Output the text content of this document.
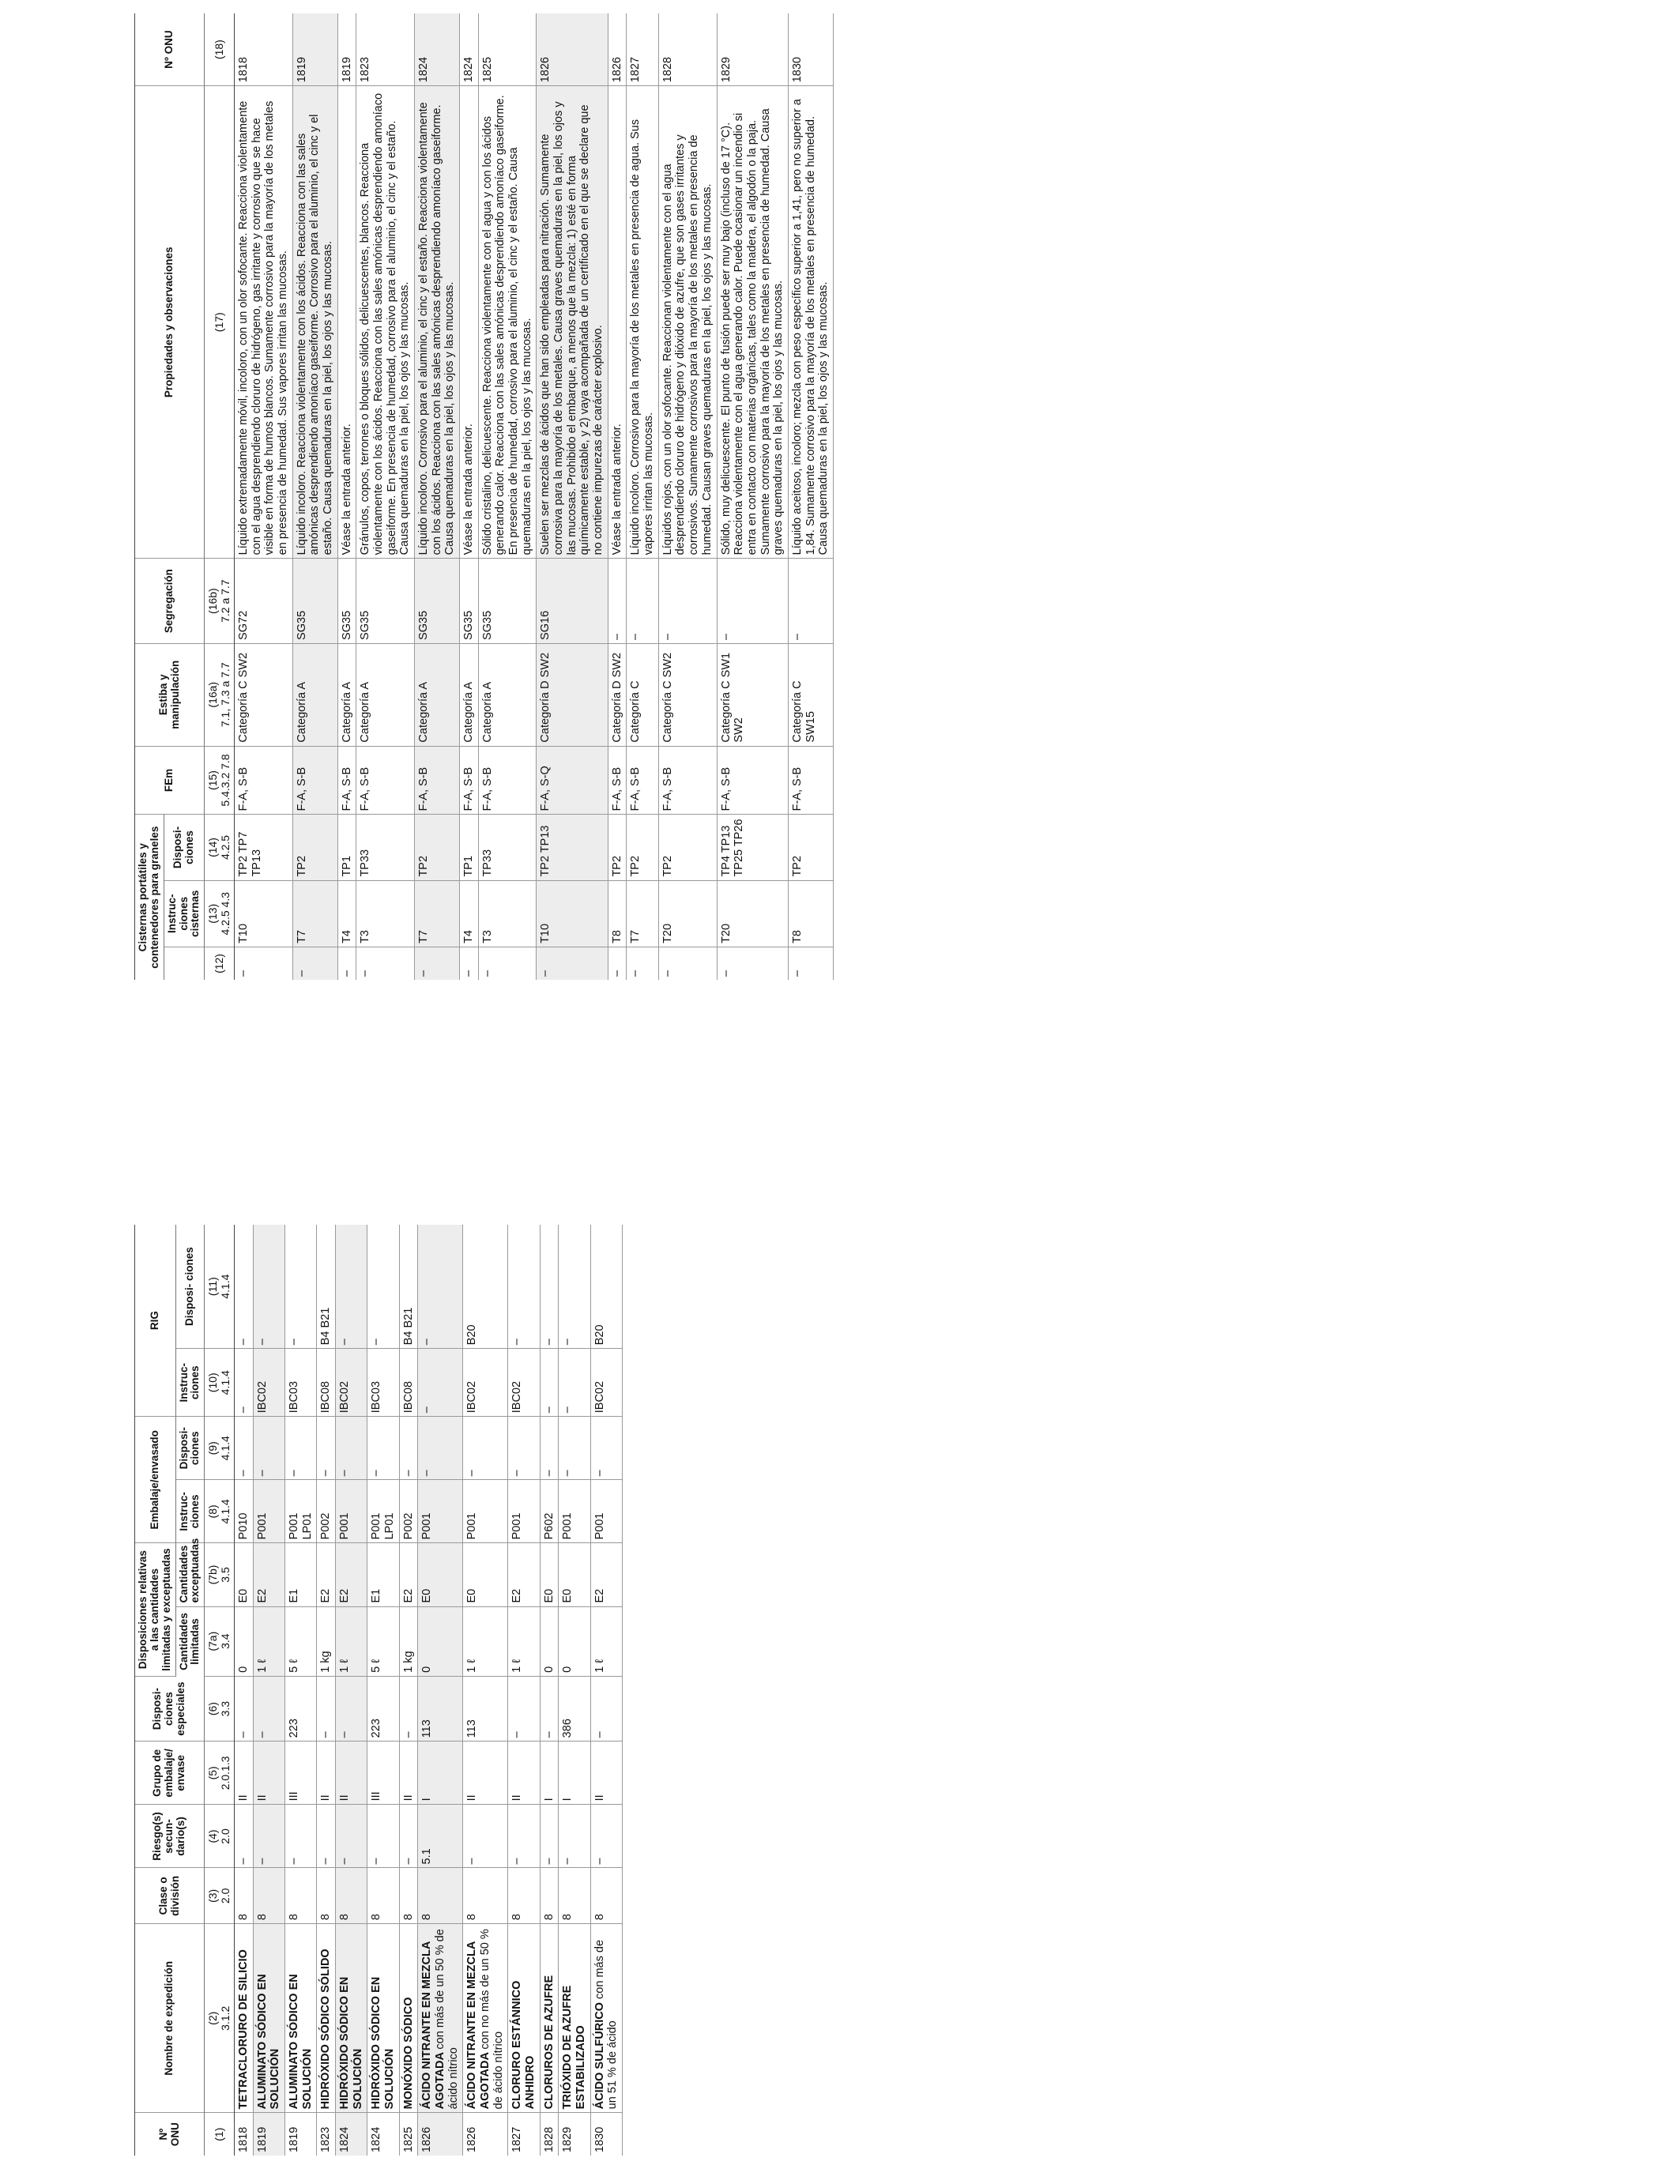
Nº ONU	Nombre de expedición	Clase o división	Riesgo(s) secun- dario(s)	Grupo de embalaje/ envase	Disposi- ciones especiales	Disposiciones relativas a las cantidades limitadas y exceptuadas		Embalaje/envasado		RIG	
						Cantidades limitadas	Cantidades exceptuadas	Instruc- ciones	Disposi- ciones	Instruc- ciones	Disposi- ciones

(1)	(2) 3.1.2	(3) 2.0	(4) 2.0	(5) 2.0.1.3	(6) 3.3	(7a) 3.4	(7b) 3.5	(8) 4.1.4	(9) 4.1.4	(10) 4.1.4	(11) 4.1.4

1818	TETRACLORURO DE SILICIO	8	–	II	–	0	E0	P010	–	–	–
1819	ALUMINATO SÓDICO EN SOLUCIÓN	8	–	II	–	1 ℓ	E2	P001	–	IBC02	–
1819	ALUMINATO SÓDICO EN SOLUCIÓN	8	–	III	223	5 ℓ	E1	P001 LP01	–	IBC03	–
1823	HIDRÓXIDO SÓDICO SÓLIDO	8	–	II	–	1 kg	E2	P002	–	IBC08	B4 B21
1824	HIDRÓXIDO SÓDICO EN SOLUCIÓN	8	–	II	–	1 ℓ	E2	P001	–	IBC02	–
1824	HIDRÓXIDO SÓDICO EN SOLUCIÓN	8	–	III	223	5 ℓ	E1	P001 LP01	–	IBC03	–
1825	MONÓXIDO SÓDICO	8	–	II	–	1 kg	E2	P002	–	IBC08	B4 B21
1826	ÁCIDO NITRANTE EN MEZCLA AGOTADA con más de un 50 % de ácido nítrico	8	5.1	I	113	0	E0	P001	–	–	–
1826	ÁCIDO NITRANTE EN MEZCLA AGOTADA con no más de un 50 % de ácido nítrico	8	–	II	113	1 ℓ	E0	P001	–	IBC02	B20
1827	CLORURO ESTÁNNICO ANHIDRO	8	–	II	–	1 ℓ	E2	P001	–	IBC02	–
1828	CLORUROS DE AZUFRE	8	–	I	–	0	E0	P602	–	–	–
1829	TRIÓXIDO DE AZUFRE ESTABILIZADO	8	–	I	386	0	E0	P001	–	–	–
1830	ÁCIDO SULFÚRICO con más de un 51 % de ácido	8	–	II	–	1 ℓ	E2	P001	–	IBC02	B20
Cisternas portátiles y contenedores para graneles			FEm	Estiba y manipulación	Segregación	Propiedades y observaciones	Nº ONU
	Instruc- ciones cisternas	Disposi- ciones					

(12)	(13) 4.2.5 4.3	(14) 4.2.5	(15) 5.4.3.2 7.8	(16a) 7.1, 7.3 a 7.7	(16b) 7.2 a 7.7	(17)	(18)

–	T10	TP2 TP7 TP13	F-A, S-B	Categoría C SW2	SG72	Líquido extremadamente móvil, incoloro, con un olor sofocante. Reacciona violentamente con el agua desprendiendo cloruro de hidrógeno, gas irritante y corrosivo que se hace visible en forma de humos blancos. Sumamente corrosivo para la mayoría de los metales en presencia de humedad. Sus vapores irritan las mucosas.	1818
–	T7	TP2	F-A, S-B	Categoría A	SG35	Líquido incoloro. Reacciona violentamente con los ácidos. Reacciona con las sales amónicas desprendiendo amoníaco gaseiforme. Corrosivo para el aluminio, el cinc y el estaño. Causa quemaduras en la piel, los ojos y las mucosas.	1819
–	T4	TP1	F-A, S-B	Categoría A	SG35	Véase la entrada anterior.	1819
–	T3	TP33	F-A, S-B	Categoría A	SG35	Gránulos, copos, terrones o bloques sólidos, delicuescentes, blancos. Reacciona violentamente con los ácidos. Reacciona con las sales amónicas desprendiendo amoníaco gaseiforme. En presencia de humedad, corrosivo para el aluminio, el cinc y el estaño. Causa quemaduras en la piel, los ojos y las mucosas.	1823
–	T7	TP2	F-A, S-B	Categoría A	SG35	Líquido incoloro. Corrosivo para el aluminio, el cinc y el estaño. Reacciona violentamente con los ácidos. Reacciona con las sales amónicas desprendiendo amoníaco gaseiforme. Causa quemaduras en la piel, los ojos y las mucosas.	1824
–	T4	TP1	F-A, S-B	Categoría A	SG35	Véase la entrada anterior.	1824
–	T3	TP33	F-A, S-B	Categoría A	SG35	Sólido cristalino, delicuescente. Reacciona violentamente con el agua y con los ácidos generando calor. Reacciona con las sales amónicas desprendiendo amoníaco gaseiforme. En presencia de humedad, corrosivo para el aluminio, el cinc y el estaño. Causa quemaduras en la piel, los ojos y las mucosas.	1825
–	T10	TP2 TP13	F-A, S-Q	Categoría D SW2	SG16	Suelen ser mezclas de ácidos que han sido empleadas para nitración. Sumamente corrosiva para la mayoría de los metales. Causa graves quemaduras en la piel, los ojos y las mucosas. Prohibido el embarque, a menos que la mezcla: 1) esté en forma químicamente estable, y 2) vaya acompañada de un certificado en el que se declare que no contiene impurezas de carácter explosivo.	1826
–	T8	TP2	F-A, S-B	Categoría D SW2	–	Véase la entrada anterior.	1826
–	T7	TP2	F-A, S-B	Categoría C	–	Líquido incoloro. Corrosivo para la mayoría de los metales en presencia de agua. Sus vapores irritan las mucosas.	1827
–	T20	TP2	F-A, S-B	Categoría C SW2	–	Líquidos rojos, con un olor sofocante. Reaccionan violentamente con el agua desprendiendo cloruro de hidrógeno y dióxido de azufre, que son gases irritantes y corrosivos. Sumamente corrosivos para la mayoría de los metales en presencia de humedad. Causan graves quemaduras en la piel, los ojos y las mucosas.	1828
–	T20	TP4 TP13 TP25 TP26	F-A, S-B	Categoría C SW1 SW2	–	Sólido, muy delicuescente. El punto de fusión puede ser muy bajo (incluso de 17 °C). Reacciona violentamente con el agua generando calor. Puede ocasionar un incendio si entra en contacto con materias orgánicas, tales como la madera, el algodón o la paja. Sumamente corrosivo para la mayoría de los metales en presencia de humedad. Causa graves quemaduras en la piel, los ojos y las mucosas.	1829
–	T8	TP2	F-A, S-B	Categoría C SW15	–	Líquido aceitoso, incoloro; mezcla con peso específico superior a 1,41, pero no superior a 1,84. Sumamente corrosivo para la mayoría de los metales en presencia de humedad. Causa quemaduras en la piel, los ojos y las mucosas.	1830
